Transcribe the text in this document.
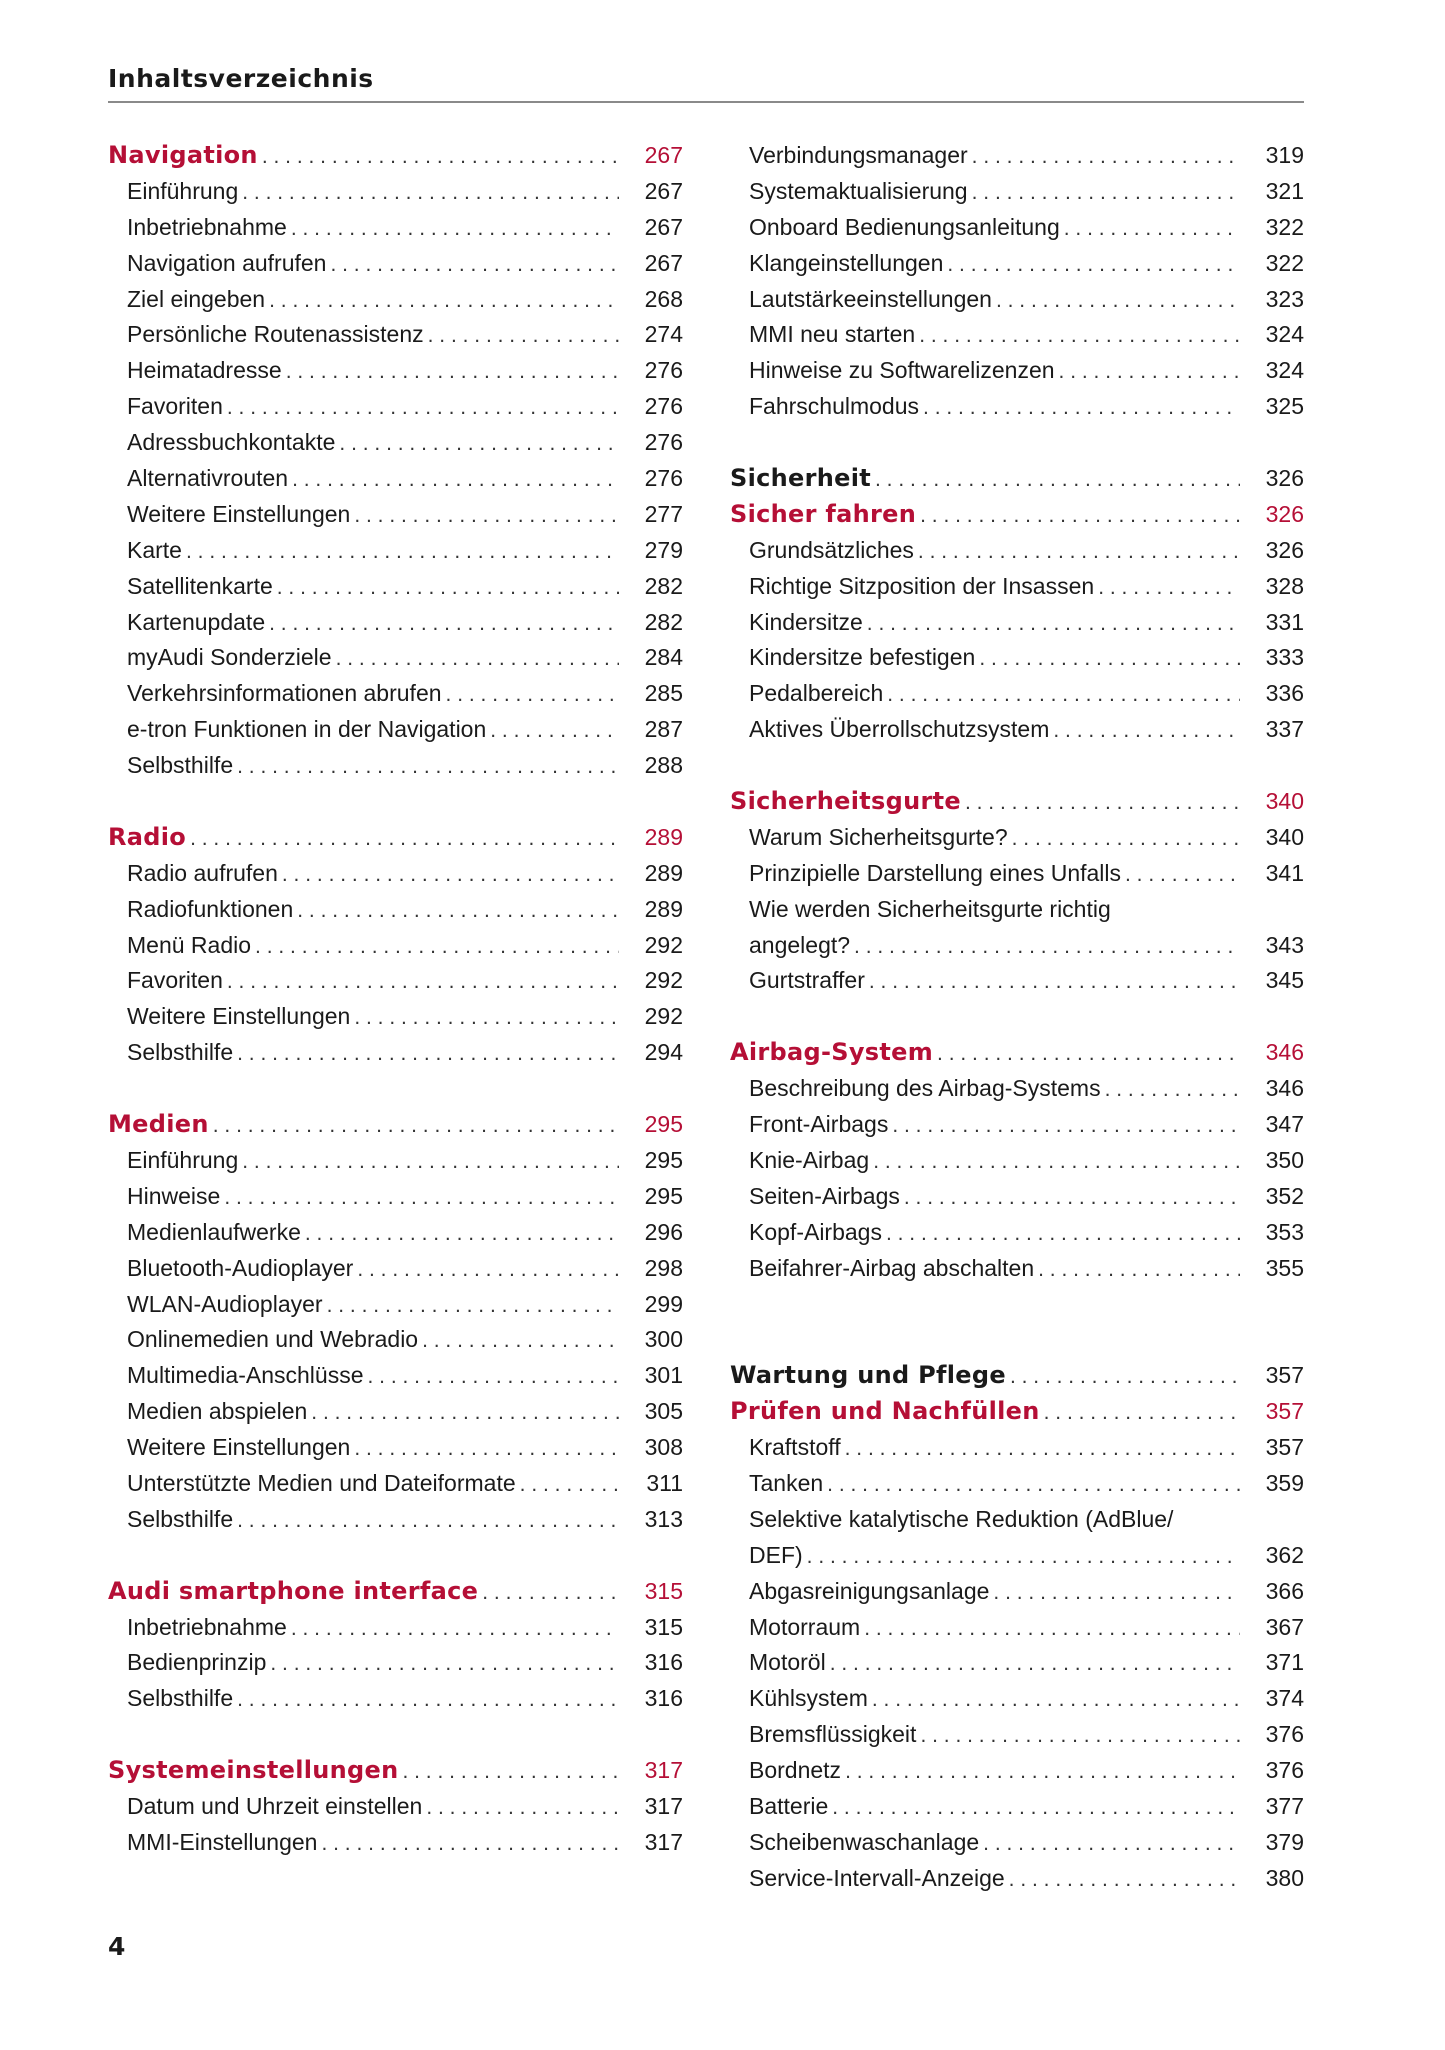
Inhaltsverzeichnis
Navigation . . .	267
Einführung . . .	267
Inbetriebnahme . . .	267
Navigation aufrufen . . .	267
Ziel eingeben . . .	268
Persönliche Routenassistenz . . .	274
Heimatadresse . . .	276
Favoriten . . .	276
Adressbuchkontakte . . .	276
Alternativrouten . . .	276
Weitere Einstellungen . . .	277
Karte . . .	279
Satellitenkarte . . .	282
Kartenupdate . . .	282
myAudi Sonderziele . . .	284
Verkehrsinformationen abrufen . . .	285
e-tron Funktionen in der Navigation . . .	287
Selbsthilfe . . .	288
Radio . . .	289
Radio aufrufen . . .	289
Radiofunktionen . . .	289
Menü Radio . . .	292
Favoriten . . .	292
Weitere Einstellungen . . .	292
Selbsthilfe . . .	294
Medien . . .	295
Einführung . . .	295
Hinweise . . .	295
Medienlaufwerke . . .	296
Bluetooth-Audioplayer . . .	298
WLAN-Audioplayer . . .	299
Onlinemedien und Webradio . . .	300
Multimedia-Anschlüsse . . .	301
Medien abspielen . . .	305
Weitere Einstellungen . . .	308
Unterstützte Medien und Dateiformate . . .	311
Selbsthilfe . . .	313
Audi smartphone interface . . .	315
Inbetriebnahme . . .	315
Bedienprinzip . . .	316
Selbsthilfe . . .	316
Systemeinstellungen . . .	317
Datum und Uhrzeit einstellen . . .	317
MMI-Einstellungen . . .	317
Verbindungsmanager . . .	319
Systemaktualisierung . . .	321
Onboard Bedienungsanleitung . . .	322
Klangeinstellungen . . .	322
Lautstärkeeinstellungen . . .	323
MMI neu starten . . .	324
Hinweise zu Softwarelizenzen . . .	324
Fahrschulmodus . . .	325
Sicherheit . . .	326
Sicher fahren . . .	326
Grundsätzliches . . .	326
Richtige Sitzposition der Insassen . . .	328
Kindersitze . . .	331
Kindersitze befestigen . . .	333
Pedalbereich . . .	336
Aktives Überrollschutzsystem . . .	337
Sicherheitsgurte . . .	340
Warum Sicherheitsgurte? . . .	340
Prinzipielle Darstellung eines Unfalls . . .	341
Wie werden Sicherheitsgurte richtig
angelegt? . . .	343
Gurtstraffer . . .	345
Airbag-System . . .	346
Beschreibung des Airbag-Systems . . .	346
Front-Airbags . . .	347
Knie-Airbag . . .	350
Seiten-Airbags . . .	352
Kopf-Airbags . . .	353
Beifahrer-Airbag abschalten . . .	355
Wartung und Pflege . . .	357
Prüfen und Nachfüllen . . .	357
Kraftstoff . . .	357
Tanken . . .	359
Selektive katalytische Reduktion (AdBlue/
DEF) . . .	362
Abgasreinigungsanlage . . .	366
Motorraum . . .	367
Motoröl . . .	371
Kühlsystem . . .	374
Bremsflüssigkeit . . .	376
Bordnetz . . .	376
Batterie . . .	377
Scheibenwaschanlage . . .	379
Service-Intervall-Anzeige . . .	380
4
